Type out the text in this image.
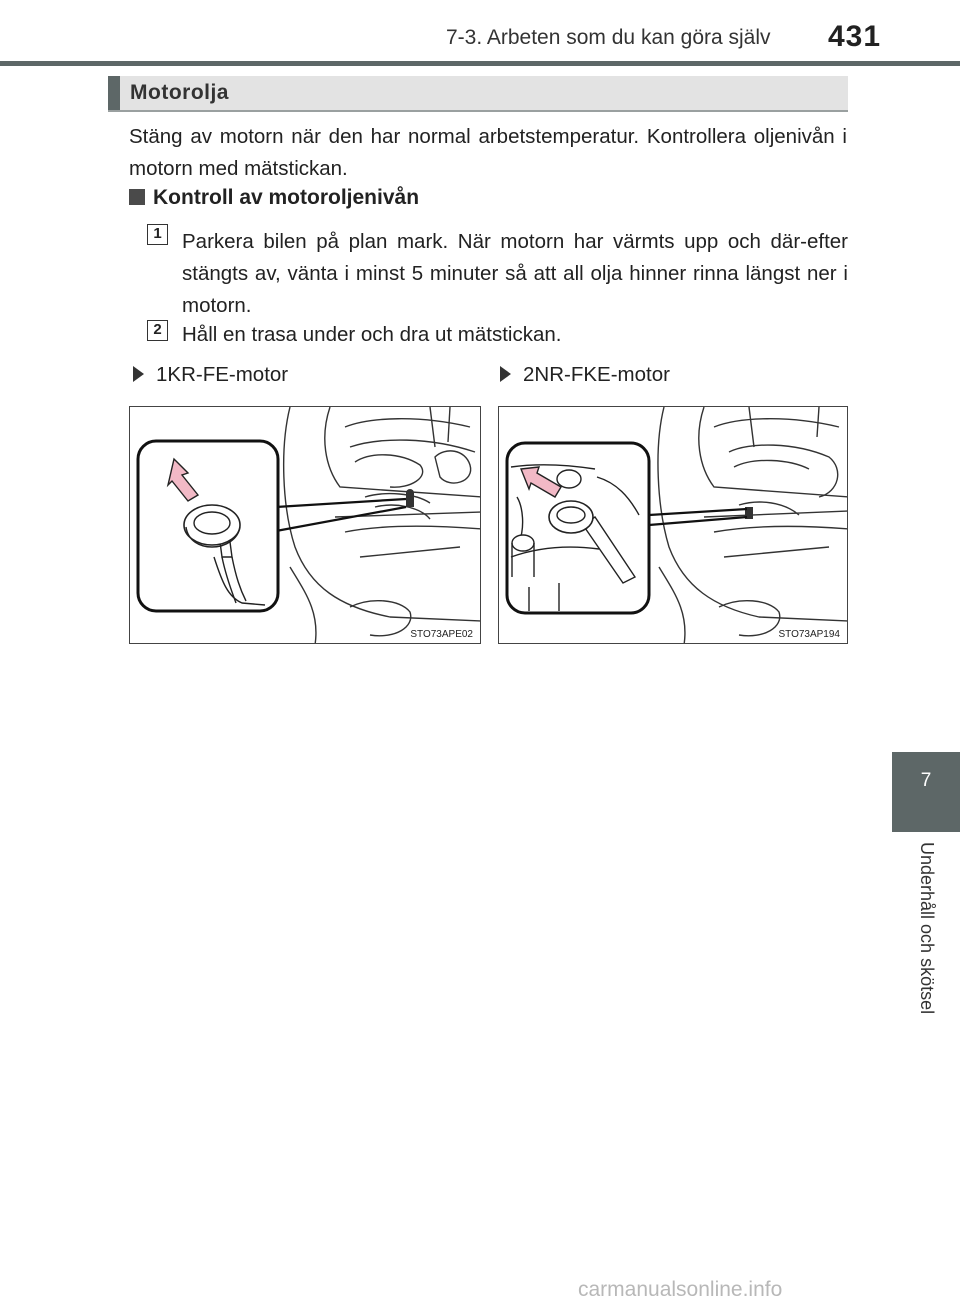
7-3. Arbeten som du kan göra själv 431
Motorolja
Stäng av motorn när den har normal arbetstemperatur. Kontrollera oljenivån i motorn med mätstickan.
Kontroll av motoroljenivån
1 Parkera bilen på plan mark. När motorn har värmts upp och där-efter stängts av, vänta i minst 5 minuter så att all olja hinner rinna längst ner i motorn.
2 Håll en trasa under och dra ut mätstickan.
1KR-FE-motor	2NR-FKE-motor
STO73APE02	STO73AP194
7
Underhåll och skötsel
carmanualsonline.info
